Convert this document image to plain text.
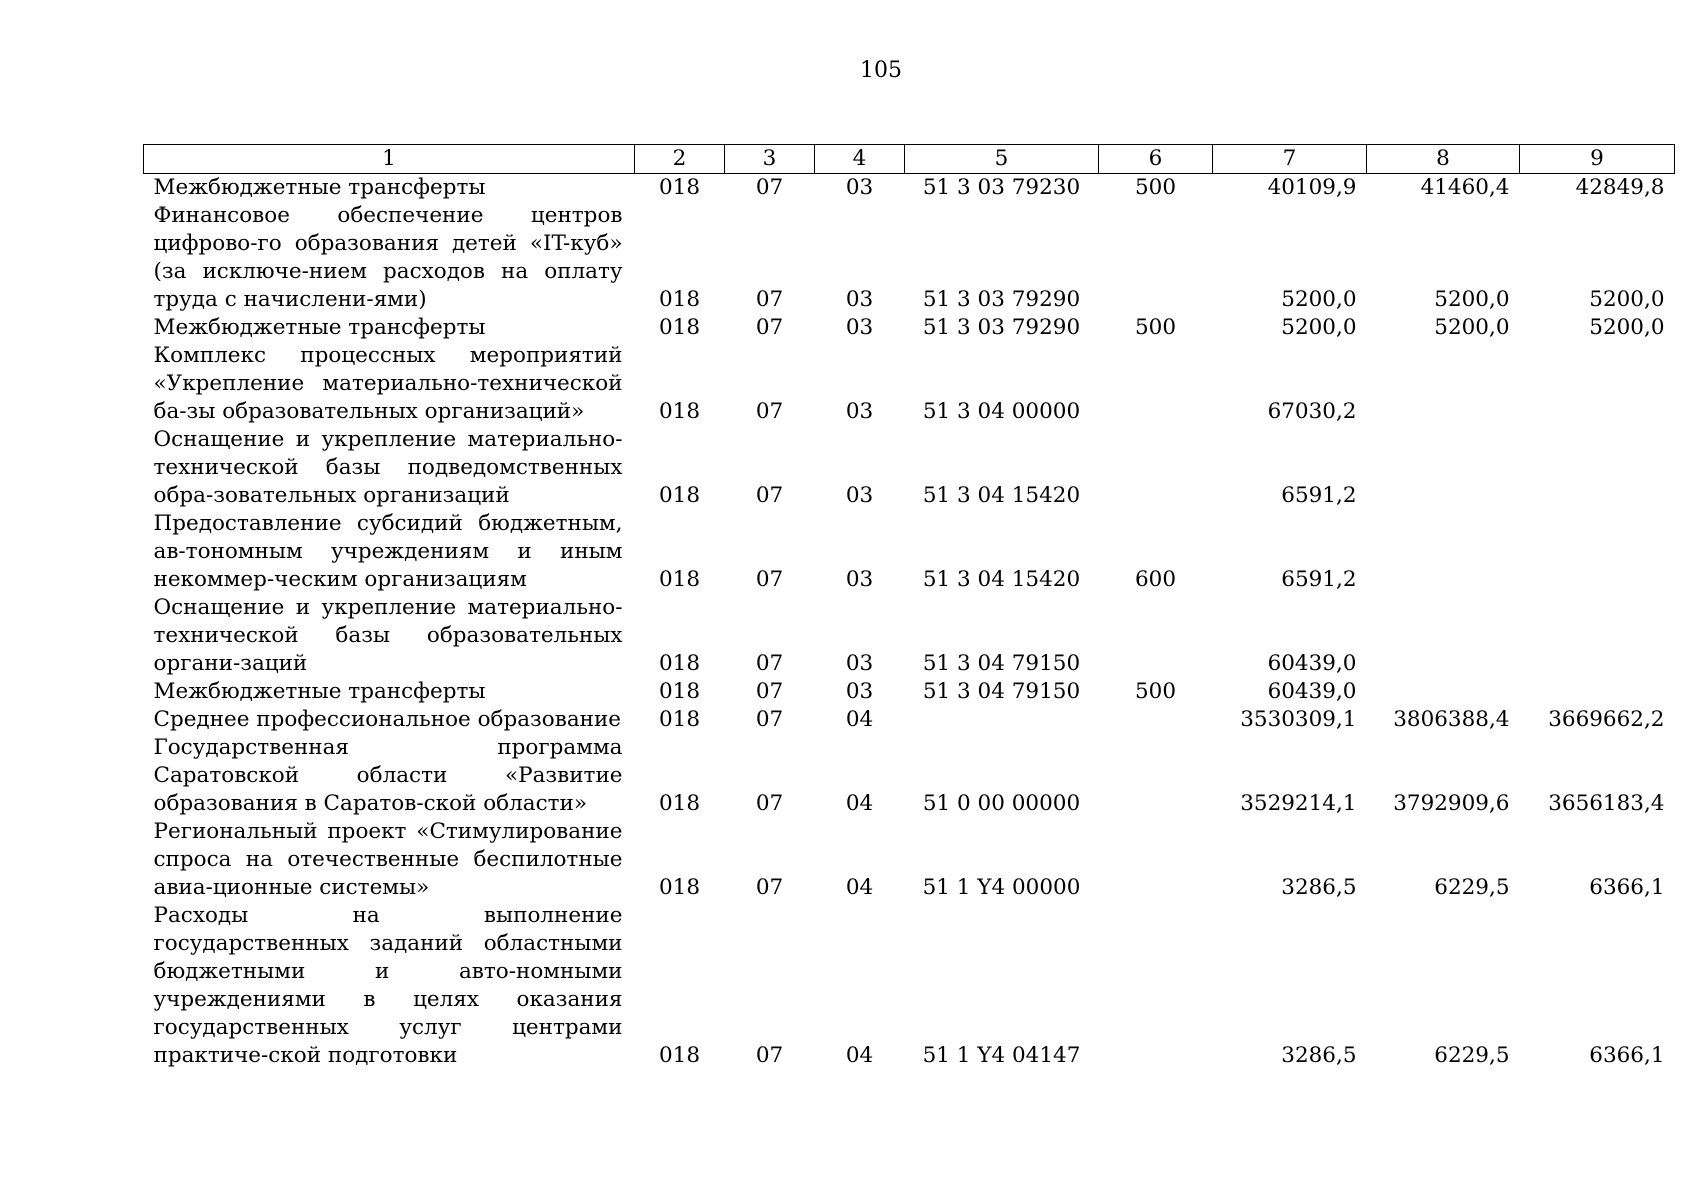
105
1	2	3	4	5	6	7	8	9
Межбюджетные трансферты	018	07	03	51 3 03 79230	500	40109,9	41460,4	42849,8
Финансовое обеспечение центров цифрово-го образования детей «IT-куб» (за исключе-нием расходов на оплату труда с начислени-ями)	018	07	03	51 3 03 79290		5200,0	5200,0	5200,0
Межбюджетные трансферты	018	07	03	51 3 03 79290	500	5200,0	5200,0	5200,0
Комплекс процессных мероприятий «Укрепление материально-технической ба-зы образовательных организаций»	018	07	03	51 3 04 00000		67030,2		
Оснащение и укрепление материально-технической базы подведомственных обра-зовательных организаций	018	07	03	51 3 04 15420		6591,2		
Предоставление субсидий бюджетным, ав-тономным учреждениям и иным некоммер-ческим организациям	018	07	03	51 3 04 15420	600	6591,2		
Оснащение и укрепление материально-технической базы образовательных органи-заций	018	07	03	51 3 04 79150		60439,0		
Межбюджетные трансферты	018	07	03	51 3 04 79150	500	60439,0		
Среднее профессиональное образование	018	07	04			3530309,1	3806388,4	3669662,2
Государственная программа Саратовской области «Развитие образования в Саратов-ской области»	018	07	04	51 0 00 00000		3529214,1	3792909,6	3656183,4
Региональный проект «Стимулирование спроса на отечественные беспилотные авиа-ционные системы»	018	07	04	51 1 Y4 00000		3286,5	6229,5	6366,1
Расходы на выполнение государственных заданий областными бюджетными и авто-номными учреждениями в целях оказания государственных услуг центрами практиче-ской подготовки	018	07	04	51 1 Y4 04147		3286,5	6229,5	6366,1
